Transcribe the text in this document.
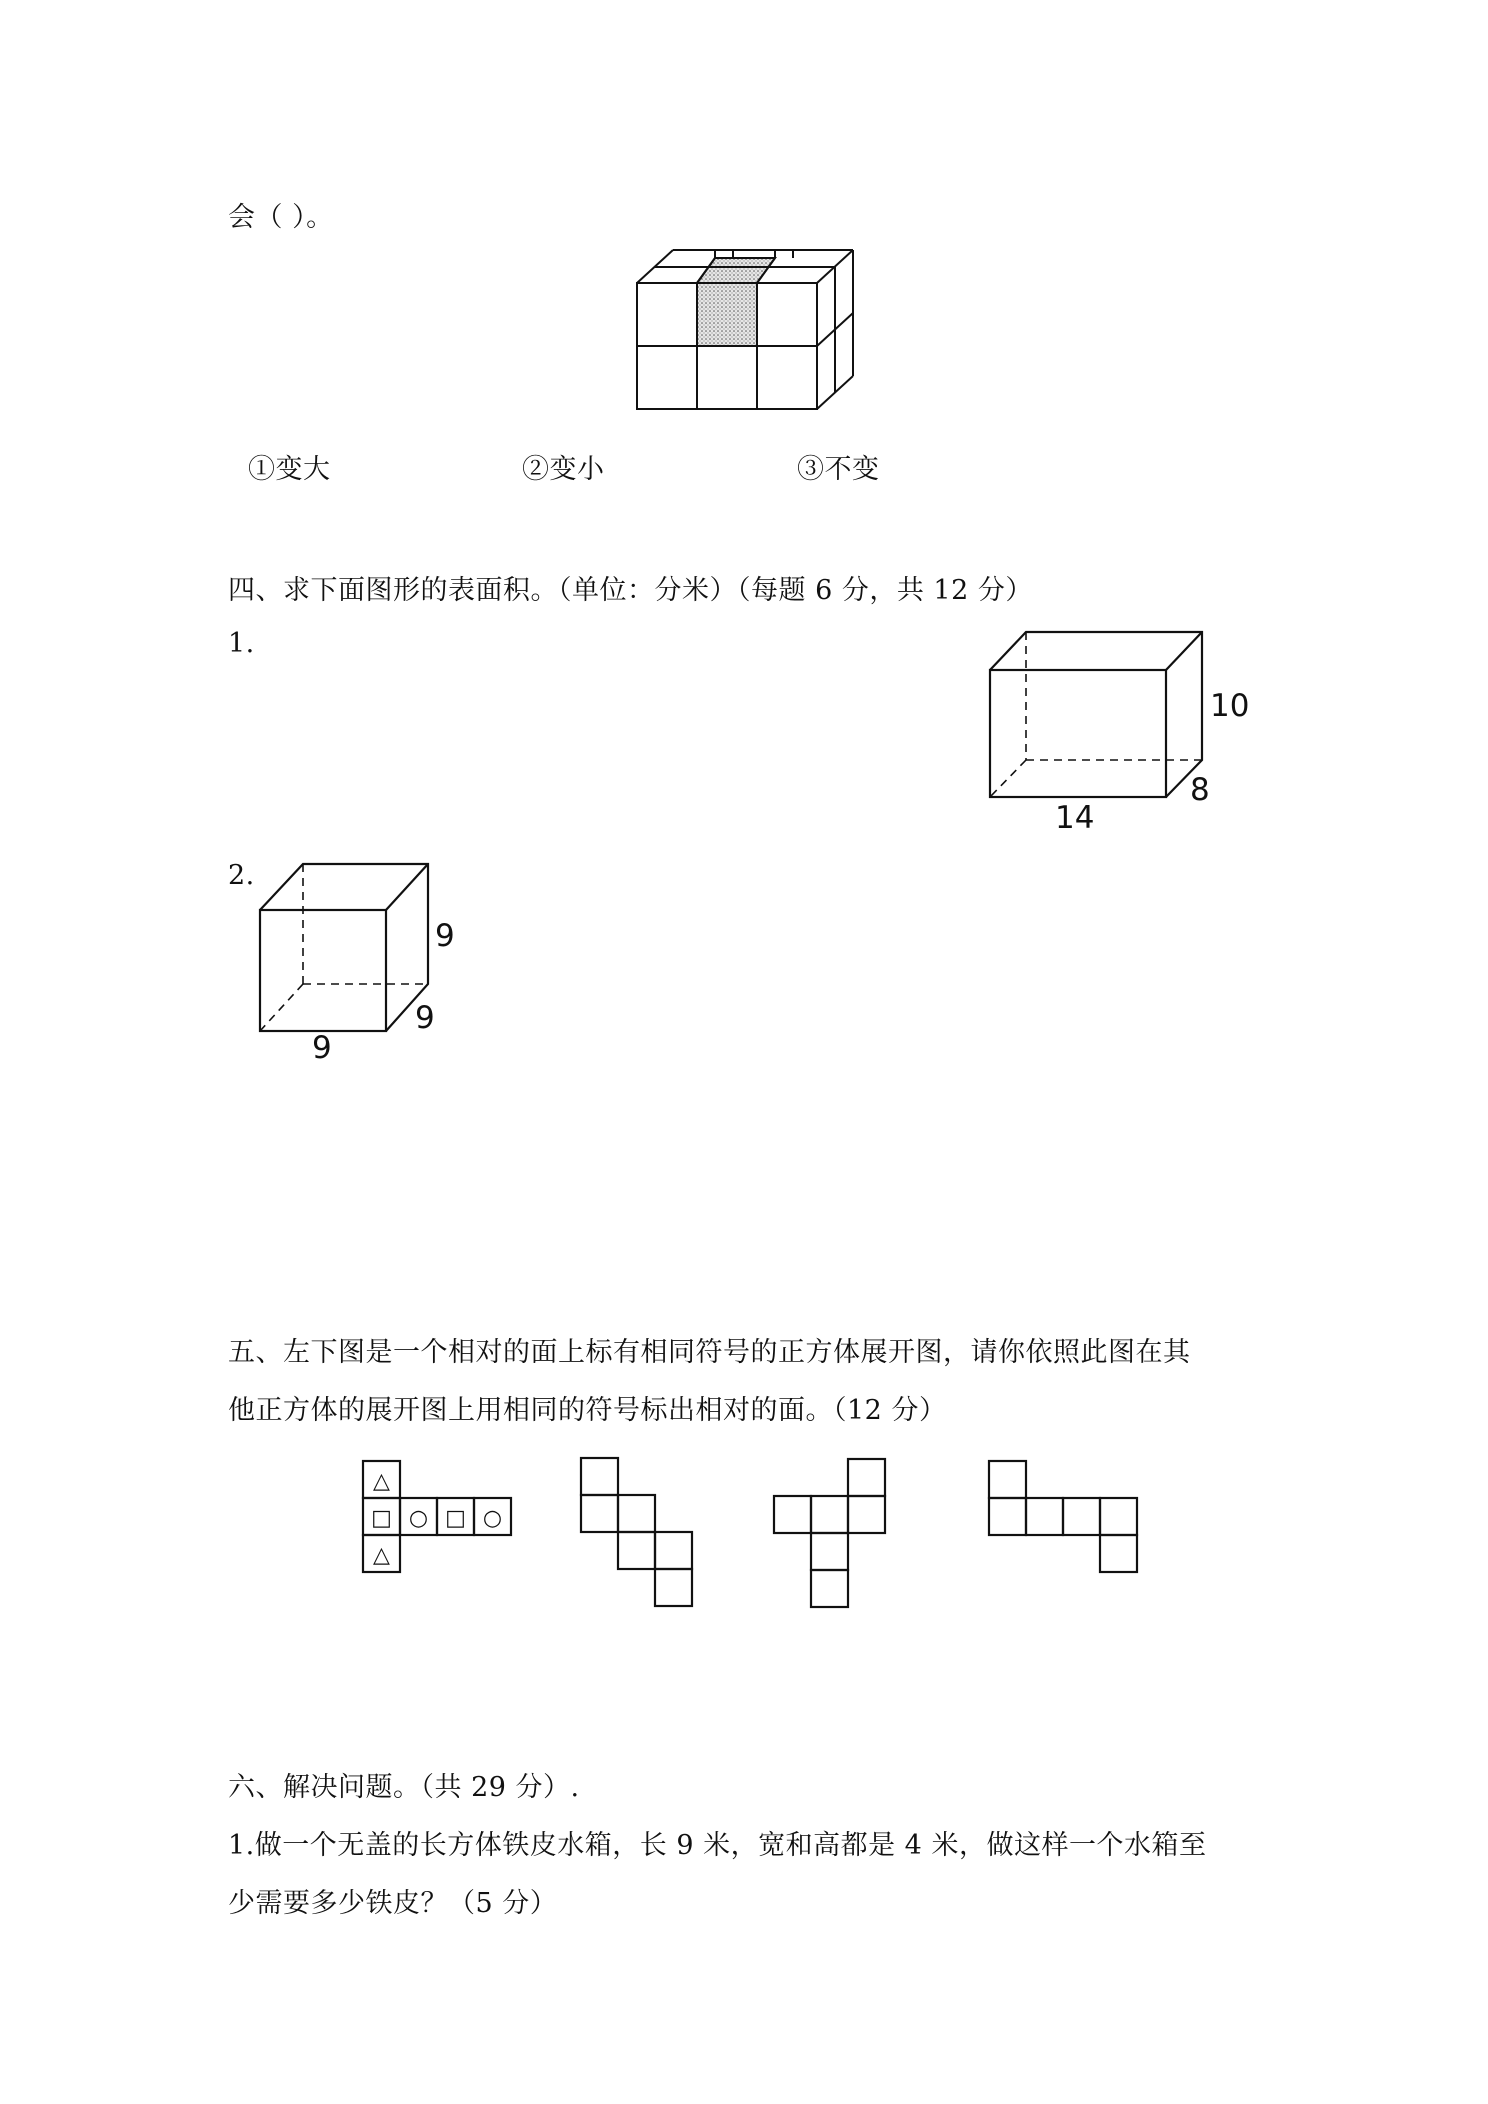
会（ ）。
①变大	②变小	③不变
四、求下面图形的表面积。（单位：分米）（每题 6 分，共 12 分）
1.
10
8
14
2.
9
9
9
五、左下图是一个相对的面上标有相同符号的正方体展开图，请你依照此图在其
他正方体的展开图上用相同的符号标出相对的面。（12 分）
△
□ ○ □ ○
△
六、解决问题。（共 29 分）.
1.做一个无盖的长方体铁皮水箱，长 9 米，宽和高都是 4 米，做这样一个水箱至
少需要多少铁皮？（5 分）
